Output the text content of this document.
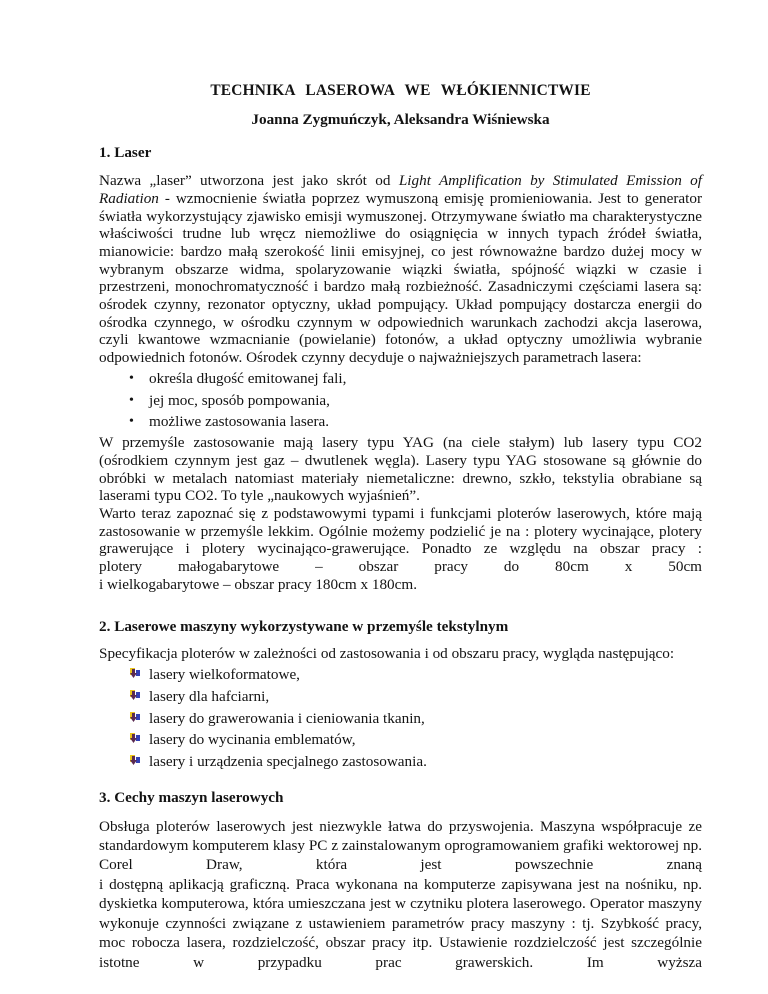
TECHNIKA LASEROWA WE WŁÓKIENNICTWIE
Joanna Zygmuńczyk, Aleksandra Wiśniewska
1. Laser

Nazwa „laser” utworzona jest jako skrót od Light Amplification by Stimulated Emission of Radiation - wzmocnienie światła poprzez wymuszoną emisję promieniowania. Jest to generator światła wykorzystujący zjawisko emisji wymuszonej. Otrzymywane światło ma charakterystyczne właściwości trudne lub wręcz niemożliwe do osiągnięcia w innych typach źródeł światła, mianowicie: bardzo małą szerokość linii emisyjnej, co jest równoważne bardzo dużej mocy w wybranym obszarze widma, spolaryzowanie wiązki światła, spójność wiązki w czasie i przestrzeni, monochromatyczność i bardzo małą rozbieżność. Zasadniczymi częściami lasera są: ośrodek czynny, rezonator optyczny, układ pompujący. Układ pompujący dostarcza energii do ośrodka czynnego, w ośrodku czynnym w odpowiednich warunkach zachodzi akcja laserowa, czyli kwantowe wzmacnianie (powielanie) fotonów, a układ optyczny umożliwia wybranie odpowiednich fotonów. Ośrodek czynny decyduje o najważniejszych parametrach lasera:

• określa długość emitowanej fali,
• jej moc, sposób pompowania,
• możliwe zastosowania lasera.

W przemyśle zastosowanie mają lasery typu YAG (na ciele stałym) lub lasery typu CO2 (ośrodkiem czynnym jest gaz – dwutlenek węgla). Lasery typu YAG stosowane są głównie do obróbki w metalach natomiast materiały niemetaliczne: drewno, szkło, tekstylia obrabiane są laserami typu CO2. To tyle „naukowych wyjaśnień”.

Warto teraz zapoznać się z podstawowymi typami i funkcjami ploterów laserowych, które mają zastosowanie w przemyśle lekkim. Ogólnie możemy podzielić je na : plotery wycinające, plotery grawerujące i plotery wycinająco-grawerujące. Ponadto ze względu na obszar pracy :
plotery małogabarytowe – obszar pracy do 80cm x 50cm
i wielkogabarytowe – obszar pracy 180cm x 180cm.
2. Laserowe maszyny wykorzystywane w przemyśle tekstylnym

Specyfikacja ploterów w zależności od zastosowania i od obszaru pracy, wygląda następująco:

lasery wielkoformatowe,
lasery dla hafciarni,
lasery do grawerowania i cieniowania tkanin,
lasery do wycinania emblematów,
lasery i urządzenia specjalnego zastosowania.
3. Cechy maszyn laserowych
Obsługa ploterów laserowych jest niezwykle łatwa do przyswojenia. Maszyna współpracuje ze standardowym komputerem klasy PC z zainstalowanym oprogramowaniem grafiki wektorowej np. Corel Draw, która jest powszechnie znaną
i dostępną aplikacją graficzną. Praca wykonana na komputerze zapisywana jest na nośniku, np. dyskietka komputerowa, która umieszczana jest w czytniku plotera laserowego. Operator maszyny wykonuje czynności związane z ustawieniem parametrów pracy maszyny : tj. Szybkość pracy, moc robocza lasera, rozdzielczość, obszar pracy itp. Ustawienie rozdzielczość jest szczególnie istotne w przypadku prac grawerskich. Im wyższa
